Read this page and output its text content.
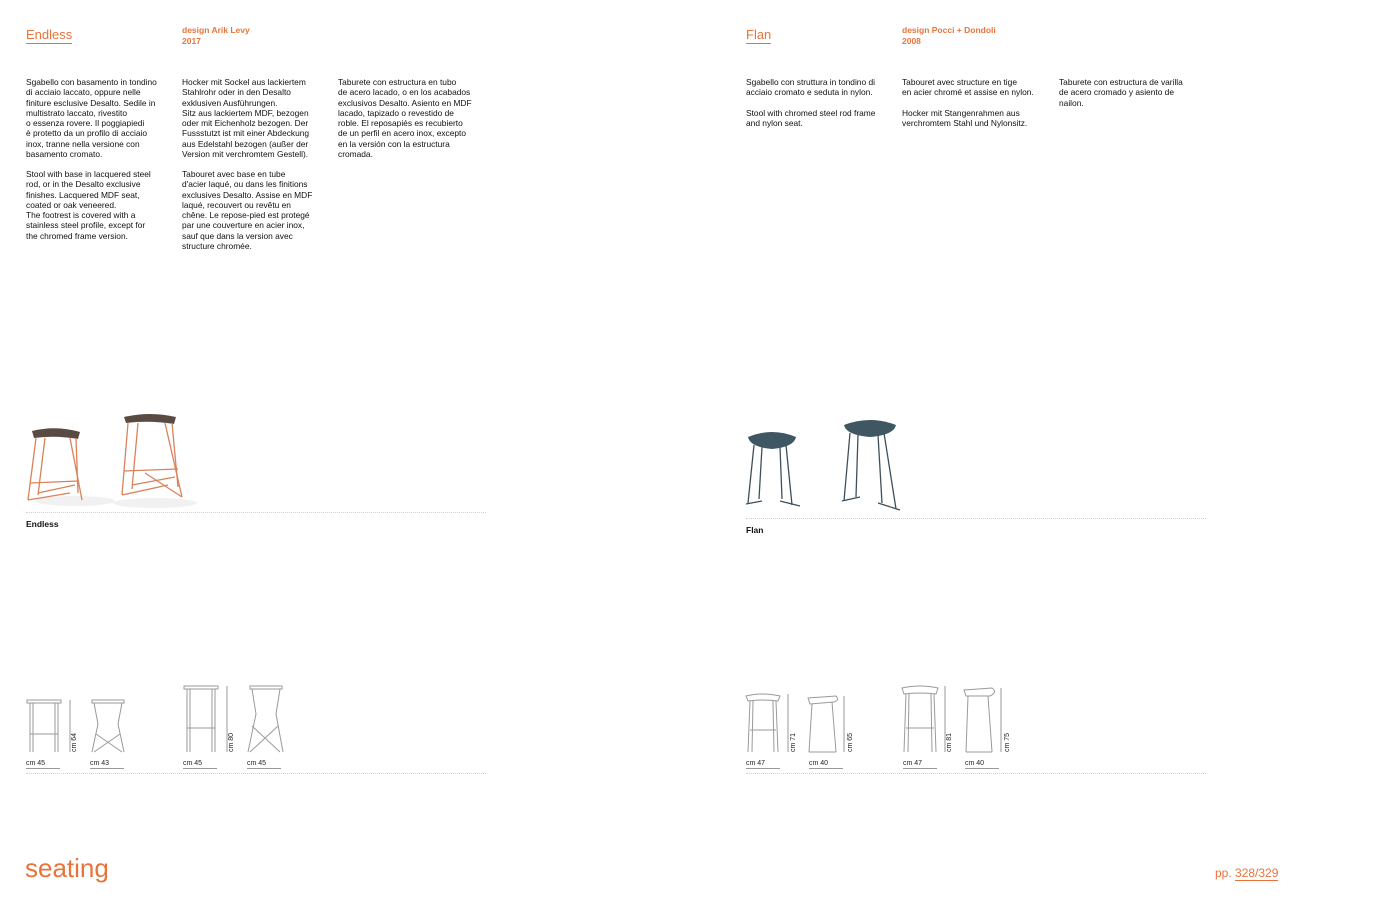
Endless	design Arik Levy
2017
Sgabello con basamento in tondino
di acciaio laccato, oppure nelle
finiture esclusive Desalto. Sedile in
multistrato laccato, rivestito
o essenza rovere. Il poggiapiedi
è protetto da un profilo di acciaio
inox, tranne nella versione con
basamento cromato.
Stool with base in lacquered steel
rod, or in the Desalto exclusive
finishes. Lacquered MDF seat,
coated or oak veneered.
The footrest is covered with a
stainless steel profile, except for
the chromed frame version.
Hocker mit Sockel aus lackiertem
Stahlrohr oder in den Desalto
exklusiven Ausführungen.
Sitz aus lackiertem MDF, bezogen
oder mit Eichenholz bezogen. Der
Fussstutzt ist mit einer Abdeckung
aus Edelstahl bezogen (außer der
Version mit verchromtem Gestell).
Tabouret avec base en tube
d'acier laqué, ou dans les finitions
exclusives Desalto. Assise en MDF
laqué, recouvert ou revêtu en
chêne. Le repose-pied est protegé
par une couverture en acier inox,
sauf que dans la version avec
structure chromée.
Taburete con estructura en tubo
de acero lacado, o en los acabados
exclusivos Desalto. Asiento en MDF
lacado, tapizado o revestido de
roble. El reposapiés es recubierto
de un perfil en acero inox, excepto
en la versión con la estructura
cromada.
Endless
cm 64	cm 80
cm 45	cm 43	cm 45	cm 45
Flan	design Pocci + Dondoli
2008
Sgabello con struttura in tondino di
acciaio cromato e seduta in nylon.
Stool with chromed steel rod frame
and nylon seat.
Tabouret avec structure en tige
en acier chromé et assise en nylon.
Hocker mit Stangenrahmen aus
verchromtem Stahl und Nylonsitz.
Taburete con estructura de varilla
de acero cromado y asiento de
nailon.
Flan
cm 71	cm 65	cm 81	cm 75
cm 47	cm 40	cm 47	cm 40
seating	pp. 328/329
